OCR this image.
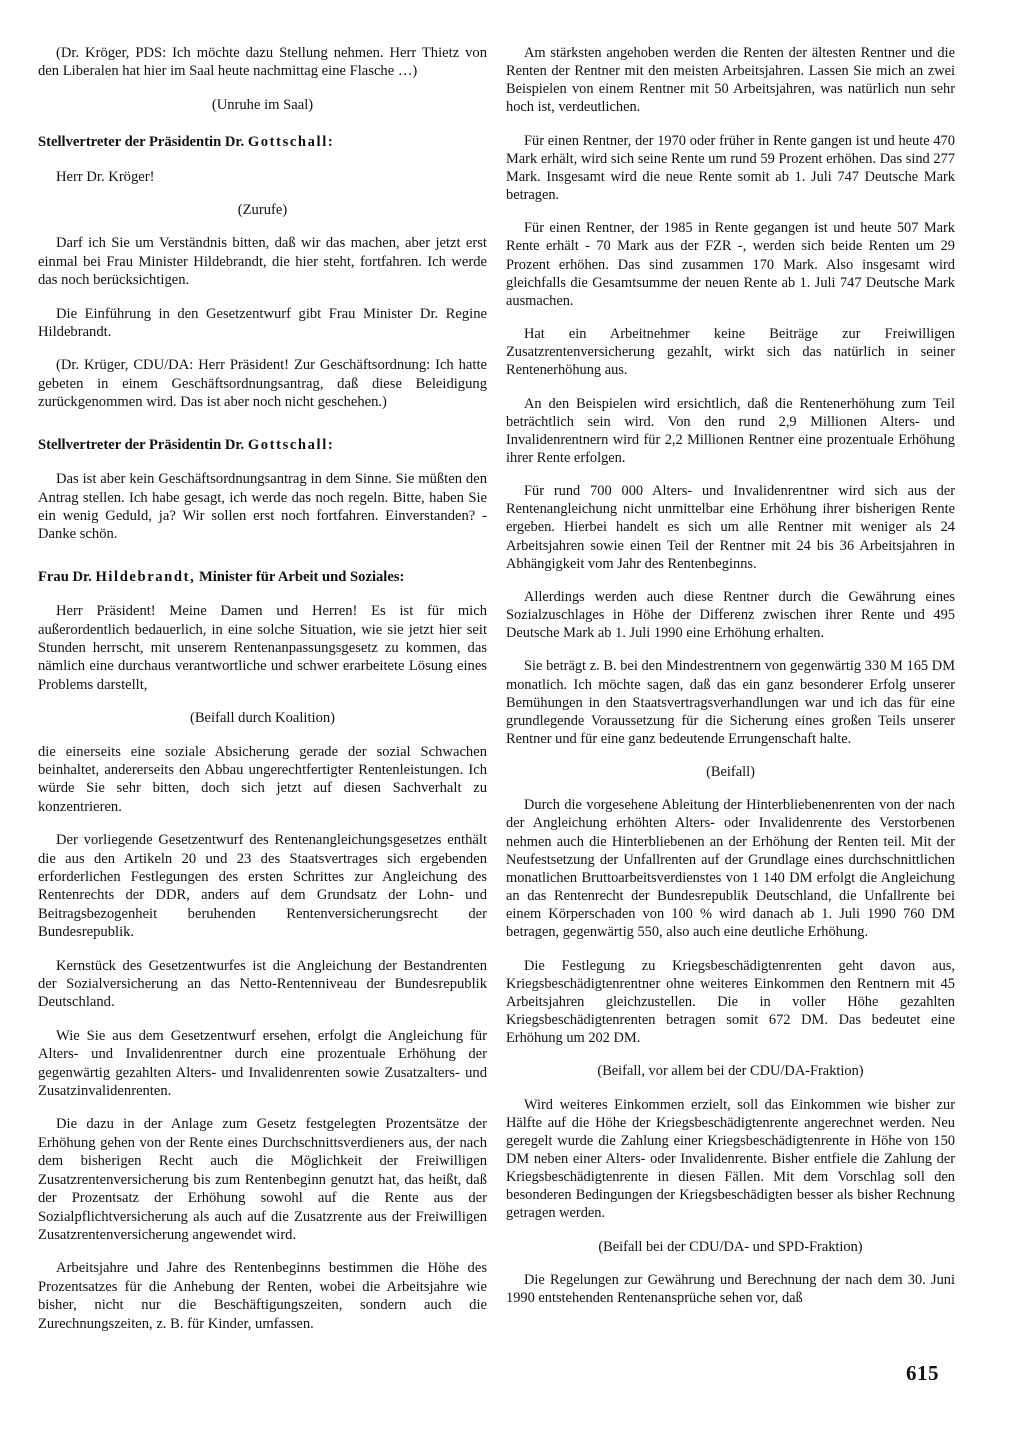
(Dr. Kröger, PDS: Ich möchte dazu Stellung nehmen. Herr Thietz von den Liberalen hat hier im Saal heute nachmittag eine Flasche …)

(Unruhe im Saal)

Stellvertreter der Präsidentin Dr. Gottschall:

Herr Dr. Kröger!

(Zurufe)

Darf ich Sie um Verständnis bitten, daß wir das machen, aber jetzt erst einmal bei Frau Minister Hildebrandt, die hier steht, fortfahren. Ich werde das noch berücksichtigen.

Die Einführung in den Gesetzentwurf gibt Frau Minister Dr. Regine Hildebrandt.

(Dr. Krüger, CDU/DA: Herr Präsident! Zur Geschäftsordnung: Ich hatte gebeten in einem Geschäftsordnungsantrag, daß diese Beleidigung zurückgenommen wird. Das ist aber noch nicht geschehen.)

Stellvertreter der Präsidentin Dr. Gottschall:

Das ist aber kein Geschäftsordnungsantrag in dem Sinne. Sie müßten den Antrag stellen. Ich habe gesagt, ich werde das noch regeln. Bitte, haben Sie ein wenig Geduld, ja? Wir sollen erst noch fortfahren. Einverstanden? - Danke schön.

Frau Dr. Hildebrandt, Minister für Arbeit und Soziales:

Herr Präsident! Meine Damen und Herren! Es ist für mich außerordentlich bedauerlich, in eine solche Situation, wie sie jetzt hier seit Stunden herrscht, mit unserem Rentenanpassungsgesetz zu kommen, das nämlich eine durchaus verantwortliche und schwer erarbeitete Lösung eines Problems darstellt,

(Beifall durch Koalition)

die einerseits eine soziale Absicherung gerade der sozial Schwachen beinhaltet, andererseits den Abbau ungerechtfertigter Rentenleistungen. Ich würde Sie sehr bitten, doch sich jetzt auf diesen Sachverhalt zu konzentrieren.

Der vorliegende Gesetzentwurf des Rentenangleichungsgesetzes enthält die aus den Artikeln 20 und 23 des Staatsvertrages sich ergebenden erforderlichen Festlegungen des ersten Schrittes zur Angleichung des Rentenrechts der DDR, anders auf dem Grundsatz der Lohn- und Beitragsbezogenheit beruhenden Rentenversicherungsrecht der Bundesrepublik.

Kernstück des Gesetzentwurfes ist die Angleichung der Bestandrenten der Sozialversicherung an das Netto-Rentenniveau der Bundesrepublik Deutschland.

Wie Sie aus dem Gesetzentwurf ersehen, erfolgt die Angleichung für Alters- und Invalidenrentner durch eine prozentuale Erhöhung der gegenwärtig gezahlten Alters- und Invalidenrenten sowie Zusatzalters- und Zusatzinvalidenrenten.

Die dazu in der Anlage zum Gesetz festgelegten Prozentsätze der Erhöhung gehen von der Rente eines Durchschnittsverdieners aus, der nach dem bisherigen Recht auch die Möglichkeit der Freiwilligen Zusatzrentenversicherung bis zum Rentenbeginn genutzt hat, das heißt, daß der Prozentsatz der Erhöhung sowohl auf die Rente aus der Sozialpflichtversicherung als auch auf die Zusatzrente aus der Freiwilligen Zusatzrentenversicherung angewendet wird.

Arbeitsjahre und Jahre des Rentenbeginns bestimmen die Höhe des Prozentsatzes für die Anhebung der Renten, wobei die Arbeitsjahre wie bisher, nicht nur die Beschäftigungszeiten, sondern auch die Zurechnungszeiten, z. B. für Kinder, umfassen.

Am stärksten angehoben werden die Renten der ältesten Rentner und die Renten der Rentner mit den meisten Arbeitsjahren. Lassen Sie mich an zwei Beispielen von einem Rentner mit 50 Arbeitsjahren, was natürlich nun sehr hoch ist, verdeutlichen.

Für einen Rentner, der 1970 oder früher in Rente gangen ist und heute 470 Mark erhält, wird sich seine Rente um rund 59 Prozent erhöhen. Das sind 277 Mark. Insgesamt wird die neue Rente somit ab 1. Juli 747 Deutsche Mark betragen.

Für einen Rentner, der 1985 in Rente gegangen ist und heute 507 Mark Rente erhält - 70 Mark aus der FZR -, werden sich beide Renten um 29 Prozent erhöhen. Das sind zusammen 170 Mark. Also insgesamt wird gleichfalls die Gesamtsumme der neuen Rente ab 1. Juli 747 Deutsche Mark ausmachen.

Hat ein Arbeitnehmer keine Beiträge zur Freiwilligen Zusatzrentenversicherung gezahlt, wirkt sich das natürlich in seiner Rentenerhöhung aus.

An den Beispielen wird ersichtlich, daß die Rentenerhöhung zum Teil beträchtlich sein wird. Von den rund 2,9 Millionen Alters- und Invalidenrentnern wird für 2,2 Millionen Rentner eine prozentuale Erhöhung ihrer Rente erfolgen.

Für rund 700 000 Alters- und Invalidenrentner wird sich aus der Rentenangleichung nicht unmittelbar eine Erhöhung ihrer bisherigen Rente ergeben. Hierbei handelt es sich um alle Rentner mit weniger als 24 Arbeitsjahren sowie einen Teil der Rentner mit 24 bis 36 Arbeitsjahren in Abhängigkeit vom Jahr des Rentenbeginns.

Allerdings werden auch diese Rentner durch die Gewährung eines Sozialzuschlages in Höhe der Differenz zwischen ihrer Rente und 495 Deutsche Mark ab 1. Juli 1990 eine Erhöhung erhalten.

Sie beträgt z. B. bei den Mindestrentnern von gegenwärtig 330 M 165 DM monatlich. Ich möchte sagen, daß das ein ganz besonderer Erfolg unserer Bemühungen in den Staatsvertragsverhandlungen war und ich das für eine grundlegende Voraussetzung für die Sicherung eines großen Teils unserer Rentner und für eine ganz bedeutende Errungenschaft halte.

(Beifall)

Durch die vorgesehene Ableitung der Hinterbliebenenrenten von der nach der Angleichung erhöhten Alters- oder Invalidenrente des Verstorbenen nehmen auch die Hinterbliebenen an der Erhöhung der Renten teil. Mit der Neufestsetzung der Unfallrenten auf der Grundlage eines durchschnittlichen monatlichen Bruttoarbeitsverdienstes von 1 140 DM erfolgt die Angleichung an das Rentenrecht der Bundesrepublik Deutschland, die Unfallrente bei einem Körperschaden von 100 % wird danach ab 1. Juli 1990 760 DM betragen, gegenwärtig 550, also auch eine deutliche Erhöhung.

Die Festlegung zu Kriegsbeschädigtenrenten geht davon aus, Kriegsbeschädigtenrentner ohne weiteres Einkommen den Rentnern mit 45 Arbeitsjahren gleichzustellen. Die in voller Höhe gezahlten Kriegsbeschädigtenrenten betragen somit 672 DM. Das bedeutet eine Erhöhung um 202 DM.

(Beifall, vor allem bei der CDU/DA-Fraktion)

Wird weiteres Einkommen erzielt, soll das Einkommen wie bisher zur Hälfte auf die Höhe der Kriegsbeschädigtenrente angerechnet werden. Neu geregelt wurde die Zahlung einer Kriegsbeschädigtenrente in Höhe von 150 DM neben einer Alters- oder Invalidenrente. Bisher entfiele die Zahlung der Kriegsbeschädigtenrente in diesen Fällen. Mit dem Vorschlag soll den besonderen Bedingungen der Kriegsbeschädigten besser als bisher Rechnung getragen werden.

(Beifall bei der CDU/DA- und SPD-Fraktion)

Die Regelungen zur Gewährung und Berechnung der nach dem 30. Juni 1990 entstehenden Rentenansprüche sehen vor, daß

615
